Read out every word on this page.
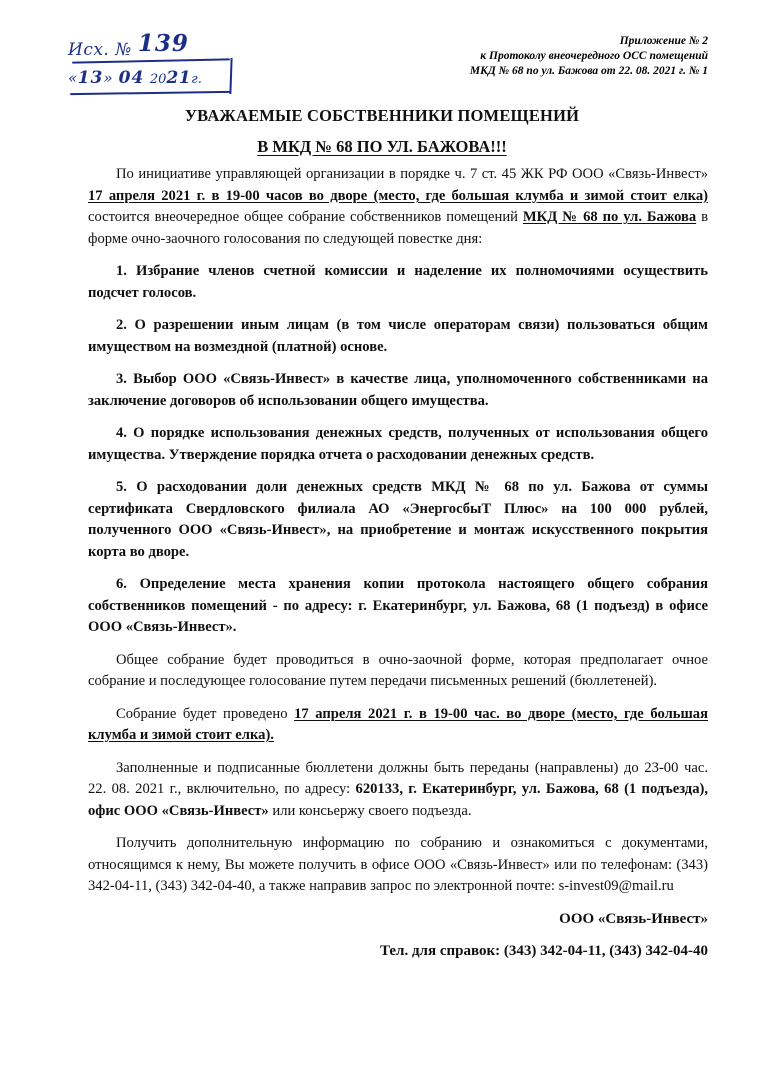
Исх. № 139
«13» 04 2021г.
Приложение № 2
к Протоколу внеочередного ОСС помещений
МКД № 68 по ул. Бажова от 22. 08. 2021 г. № 1
УВАЖАЕМЫЕ СОБСТВЕННИКИ ПОМЕЩЕНИЙ
В МКД № 68 ПО УЛ. БАЖОВА!!!

По инициативе управляющей организации в порядке ч. 7 ст. 45 ЖК РФ ООО «Связь-Инвест» 17 апреля 2021 г. в 19-00 часов во дворе (место, где большая клумба и зимой стоит елка) состоится внеочередное общее собрание собственников помещений МКД № 68 по ул. Бажова в форме очно-заочного голосования по следующей повестке дня:

1. Избрание членов счетной комиссии и наделение их полномочиями осуществить подсчет голосов.

2. О разрешении иным лицам (в том числе операторам связи) пользоваться общим имуществом на возмездной (платной) основе.

3. Выбор ООО «Связь-Инвест» в качестве лица, уполномоченного собственниками на заключение договоров об использовании общего имущества.

4. О порядке использования денежных средств, полученных от использования общего имущества. Утверждение порядка отчета о расходовании денежных средств.

5. О расходовании доли денежных средств МКД № 68 по ул. Бажова от суммы сертификата Свердловского филиала АО «ЭнергосбыТ Плюс» на 100 000 рублей, полученного ООО «Связь-Инвест», на приобретение и монтаж искусственного покрытия корта во дворе.

6. Определение места хранения копии протокола настоящего общего собрания собственников помещений - по адресу: г. Екатеринбург, ул. Бажова, 68 (1 подъезд) в офисе ООО «Связь-Инвест».

Общее собрание будет проводиться в очно-заочной форме, которая предполагает очное собрание и последующее голосование путем передачи письменных решений (бюллетеней).

Собрание будет проведено 17 апреля 2021 г. в 19-00 час. во дворе (место, где большая клумба и зимой стоит елка).

Заполненные и подписанные бюллетени должны быть переданы (направлены) до 23-00 час. 22. 08. 2021 г., включительно, по адресу: 620133, г. Екатеринбург, ул. Бажова, 68 (1 подъезда), офис ООО «Связь-Инвест» или консьержу своего подъезда.

Получить дополнительную информацию по собранию и ознакомиться с документами, относящимся к нему, Вы можете получить в офисе ООО «Связь-Инвест» или по телефонам: (343) 342-04-11, (343) 342-04-40, а также направив запрос по электронной почте: s-invest09@mail.ru

ООО «Связь-Инвест»

Тел. для справок: (343) 342-04-11, (343) 342-04-40
